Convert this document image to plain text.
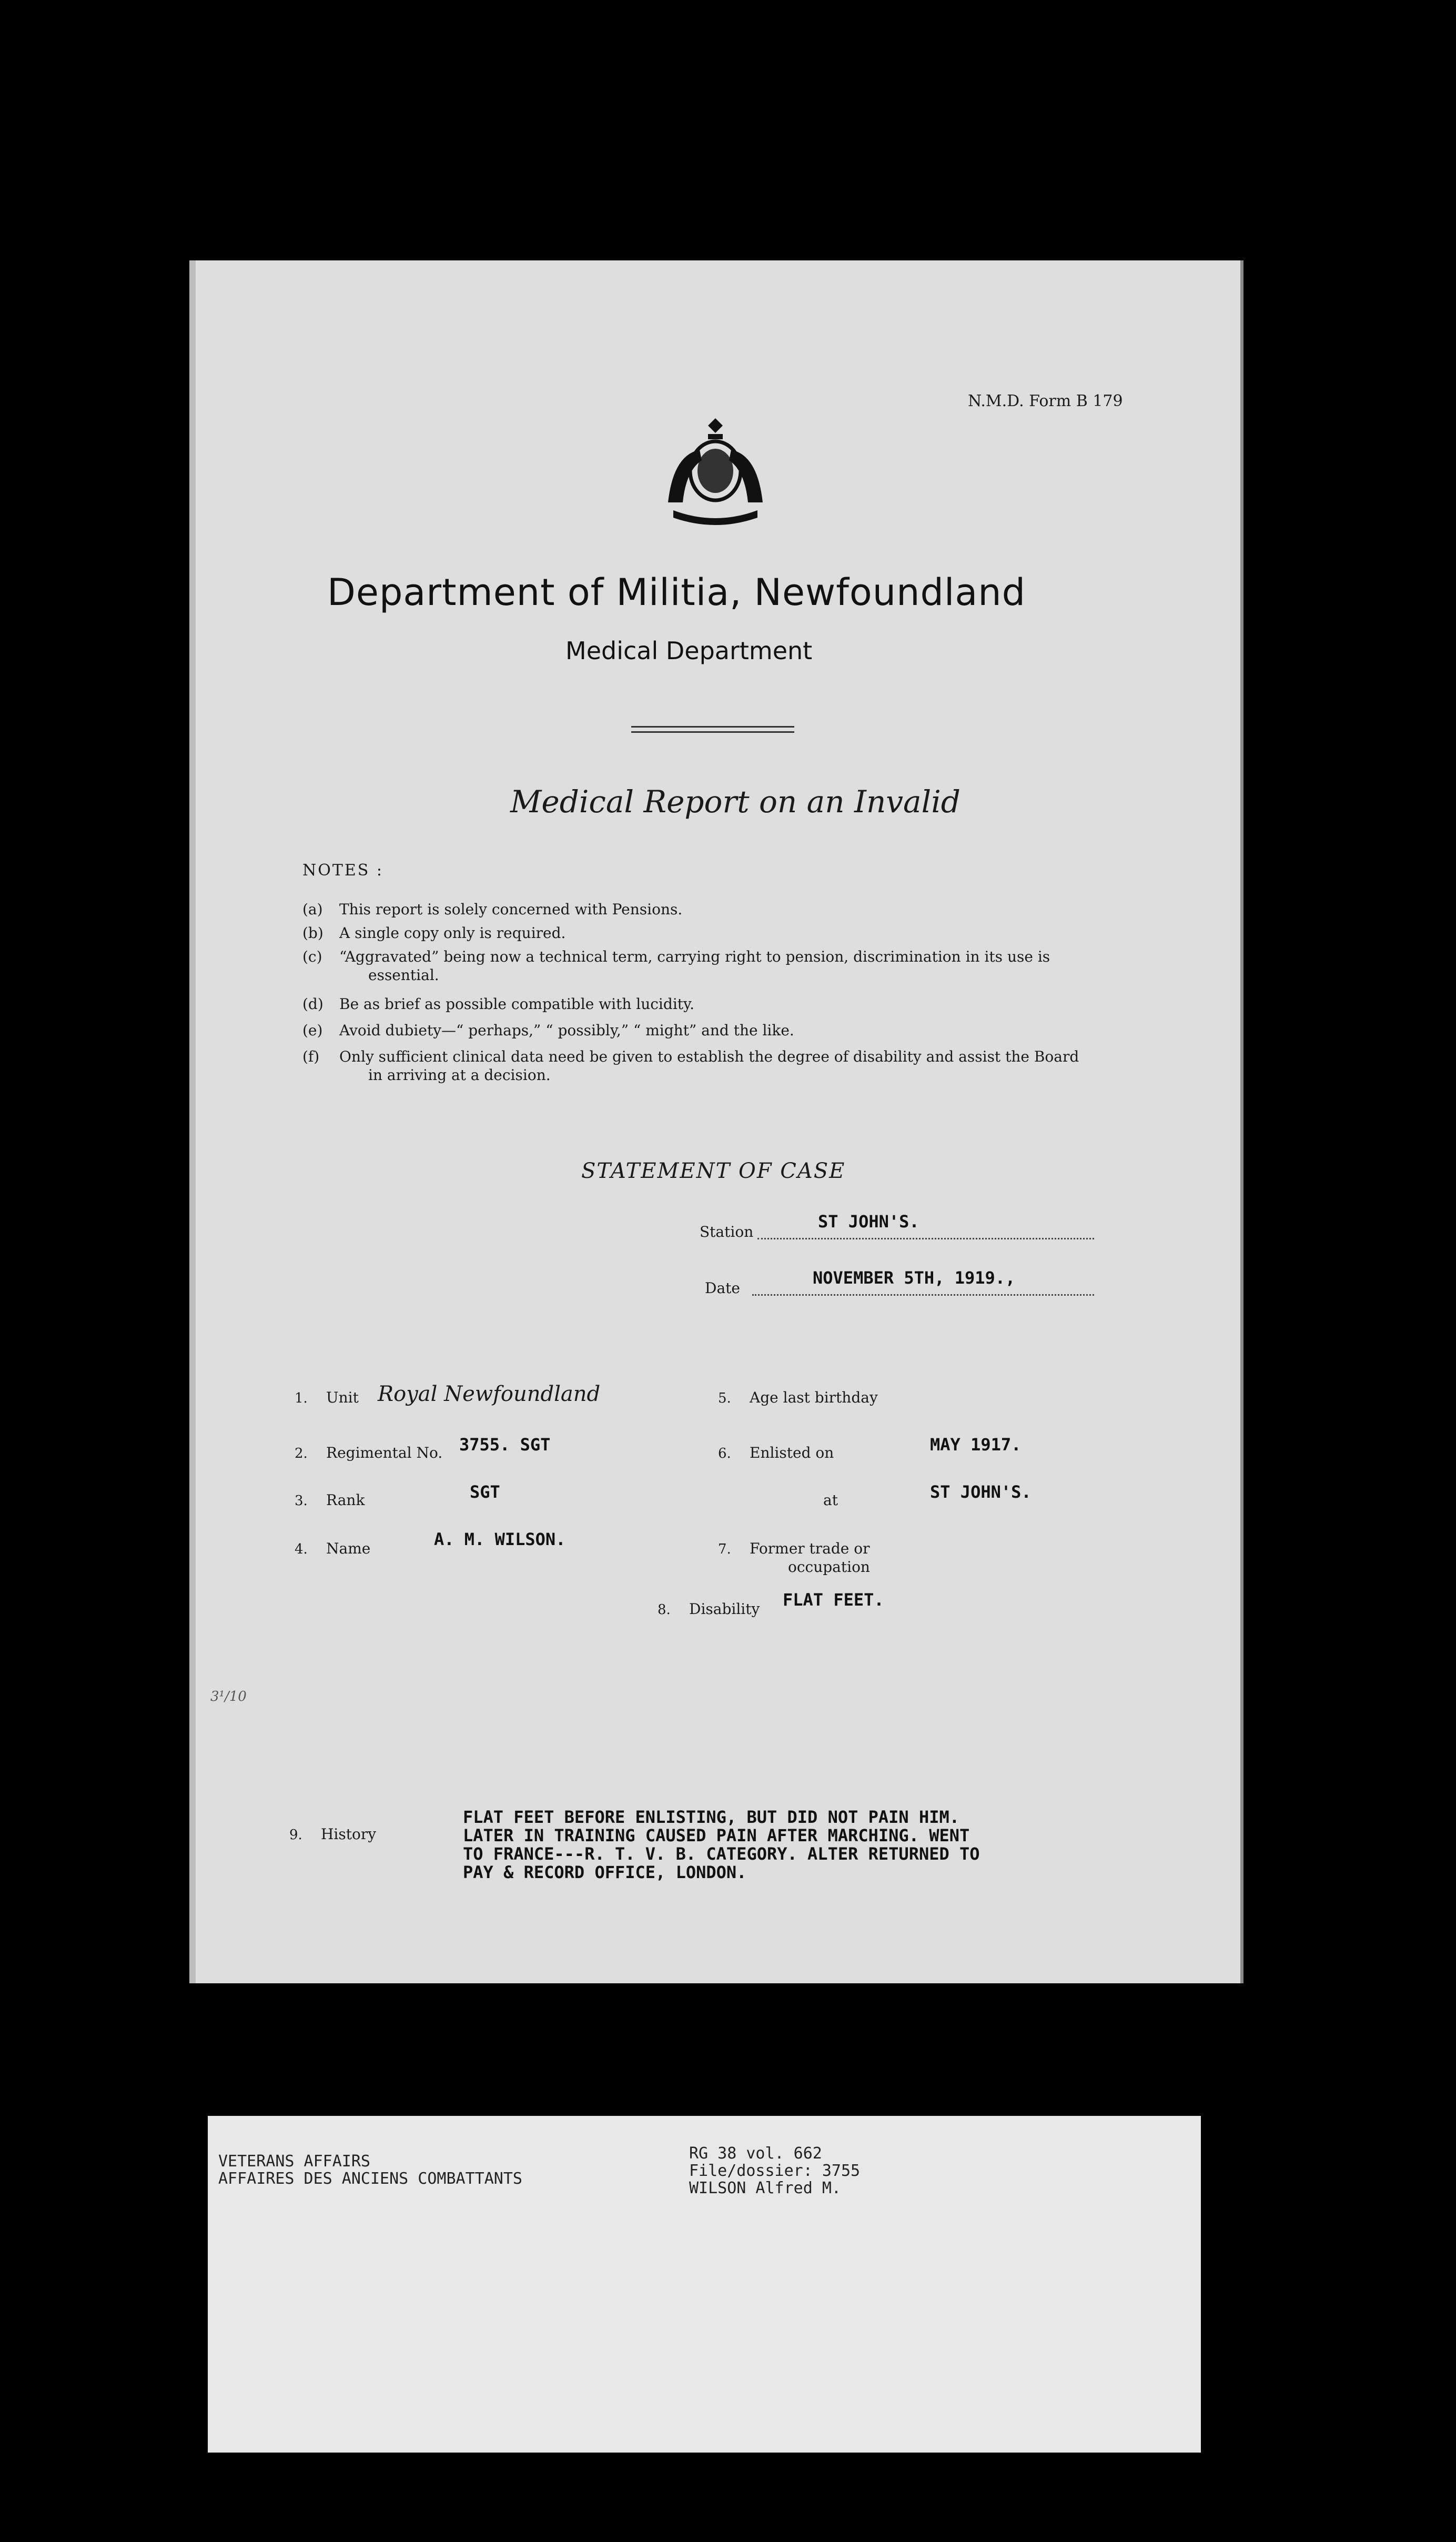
N.M.D. Form B 179
Department of Militia, Newfoundland
Medical Department
Medical Report on an Invalid
NOTES :
(a) This report is solely concerned with Pensions.
(b) A single copy only is required.
(c) “Aggravated” being now a technical term, carrying right to pension, discrimination in its use is
essential.
(d) Be as brief as possible compatible with lucidity.
(e) Avoid dubiety—“ perhaps,” “ possibly,” “ might” and the like.
(f) Only sufficient clinical data need be given to establish the degree of disability and assist the Board
in arriving at a decision.
STATEMENT OF CASE
Station
ST JOHN'S.
Date
NOVEMBER 5TH, 1919.,
1. Unit Royal Newfoundland
2. Regimental No. 3755. SGT
3. Rank	SGT
4. Name	A. M. WILSON.
5. Age last birthday
6. Enlisted on	MAY 1917.
at	ST JOHN'S.
7. Former trade or
occupation
8. Disability FLAT FEET.
3¹/10
9. History
FLAT FEET BEFORE ENLISTING, BUT DID NOT PAIN HIM.
LATER IN TRAINING CAUSED PAIN AFTER MARCHING. WENT
TO FRANCE---R. T. V. B. CATEGORY. ALTER RETURNED TO
PAY & RECORD OFFICE, LONDON.
VETERANS AFFAIRS
AFFAIRES DES ANCIENS COMBATTANTS
RG 38 vol. 662
File/dossier: 3755
WILSON Alfred M.
